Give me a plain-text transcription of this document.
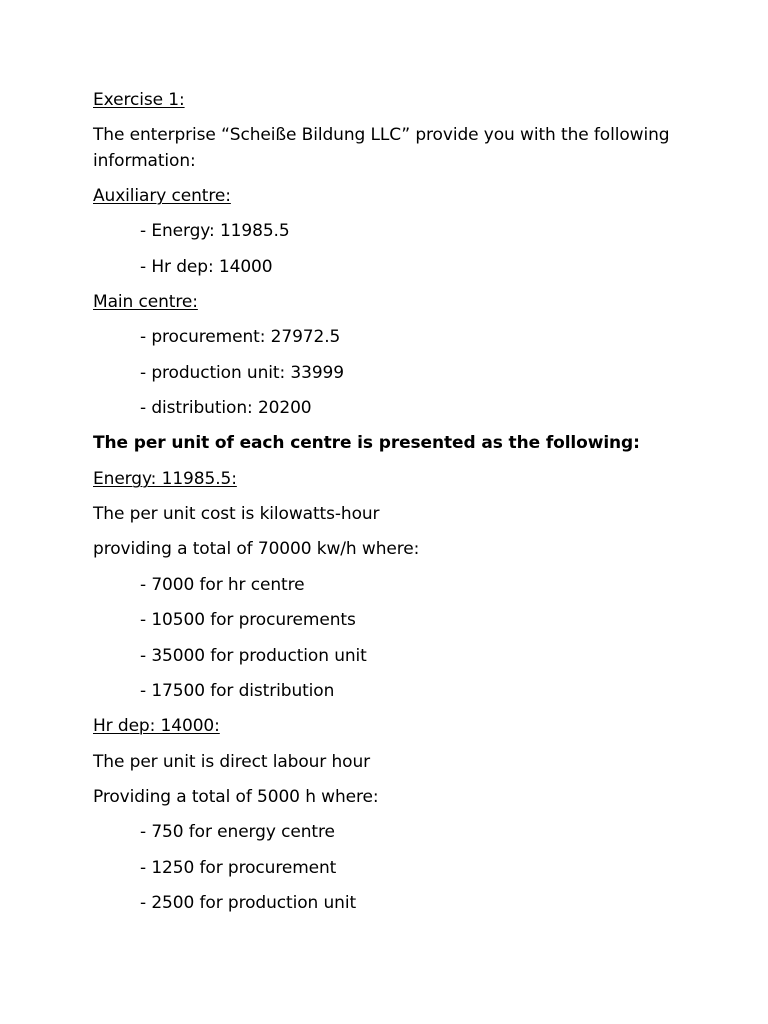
Exercise 1:
The enterprise “Scheiße Bildung LLC” provide you with the following
information:
Auxiliary centre:
- Energy: 11985.5
- Hr dep: 14000
Main centre:
- procurement: 27972.5
- production unit: 33999
- distribution: 20200
The per unit of each centre is presented as the following:
Energy: 11985.5:
The per unit cost is kilowatts-hour
providing a total of 70000 kw/h where:
- 7000 for hr centre
- 10500 for procurements
- 35000 for production unit
- 17500 for distribution
Hr dep: 14000:
The per unit is direct labour hour
Providing a total of 5000 h where:
- 750 for energy centre
- 1250 for procurement
- 2500 for production unit
